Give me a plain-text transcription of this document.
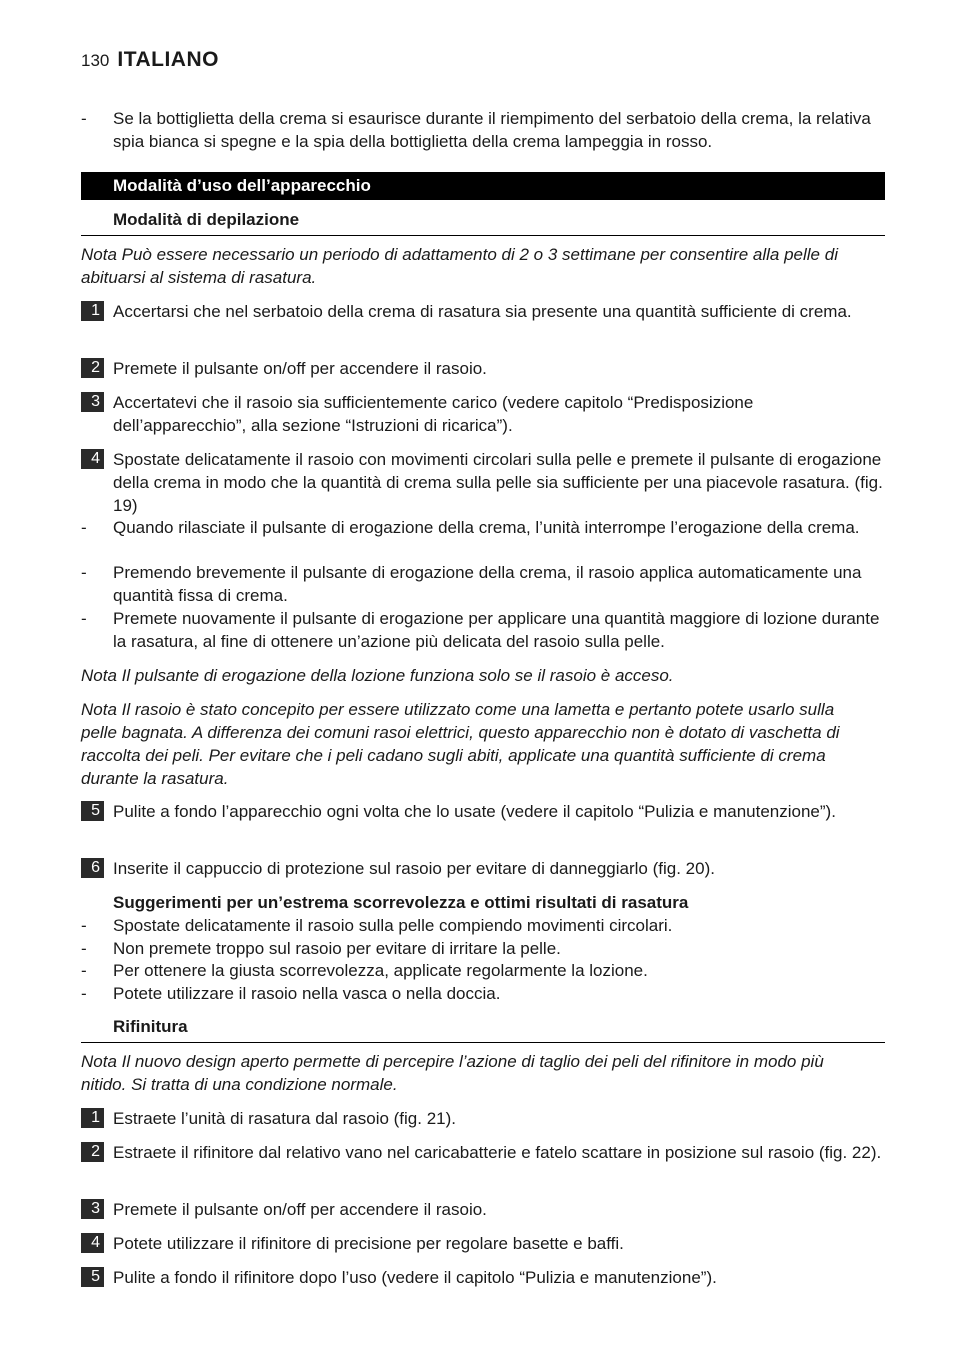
130 ITALIANO
-	Se la bottiglietta della crema si esaurisce durante il riempimento del serbatoio della crema, la relativa spia bianca si spegne e la spia della bottiglietta della crema lampeggia in rosso.
Modalità d’uso dell’apparecchio
Modalità di depilazione
Nota Può essere necessario un periodo di adattamento di 2 o 3 settimane per consentire alla pelle di abituarsi al sistema di rasatura.
1 Accertarsi che nel serbatoio della crema di rasatura sia presente una quantità sufficiente di crema.
2 Premete il pulsante on/off per accendere il rasoio.
3 Accertatevi che il rasoio sia sufficientemente carico (vedere capitolo “Predisposizione dell’apparecchio”, alla sezione “Istruzioni di ricarica”).
4 Spostate delicatamente il rasoio con movimenti circolari sulla pelle e premete il pulsante di erogazione della crema in modo che la quantità di crema sulla pelle sia sufficiente per una piacevole rasatura. (fig. 19)
-	Quando rilasciate il pulsante di erogazione della crema, l’unità interrompe l’erogazione della crema.
-	Premendo brevemente il pulsante di erogazione della crema, il rasoio applica automaticamente una quantità fissa di crema.
-	Premete nuovamente il pulsante di erogazione per applicare una quantità maggiore di lozione durante la rasatura, al fine di ottenere un’azione più delicata del rasoio sulla pelle.
Nota Il pulsante di erogazione della lozione funziona solo se il rasoio è acceso.
Nota Il rasoio è stato concepito per essere utilizzato come una lametta e pertanto potete usarlo sulla pelle bagnata. A differenza dei comuni rasoi elettrici, questo apparecchio non è dotato di vaschetta di raccolta dei peli. Per evitare che i peli cadano sugli abiti, applicate una quantità sufficiente di crema durante la rasatura.
5 Pulite a fondo l’apparecchio ogni volta che lo usate (vedere il capitolo “Pulizia e manutenzione”).
6 Inserite il cappuccio di protezione sul rasoio per evitare di danneggiarlo (fig. 20).
Suggerimenti per un’estrema scorrevolezza e ottimi risultati di rasatura
-	Spostate delicatamente il rasoio sulla pelle compiendo movimenti circolari.
-	Non premete troppo sul rasoio per evitare di irritare la pelle.
-	Per ottenere la giusta scorrevolezza, applicate regolarmente la lozione.
-	Potete utilizzare il rasoio nella vasca o nella doccia.
Rifinitura
Nota Il nuovo design aperto permette di percepire l’azione di taglio dei peli del rifinitore in modo più nitido. Si tratta di una condizione normale.
1 Estraete l’unità di rasatura dal rasoio (fig. 21).
2 Estraete il rifinitore dal relativo vano nel caricabatterie e fatelo scattare in posizione sul rasoio (fig. 22).
3 Premete il pulsante on/off per accendere il rasoio.
4 Potete utilizzare il rifinitore di precisione per regolare basette e baffi.
5 Pulite a fondo il rifinitore dopo l’uso (vedere il capitolo “Pulizia e manutenzione”).
